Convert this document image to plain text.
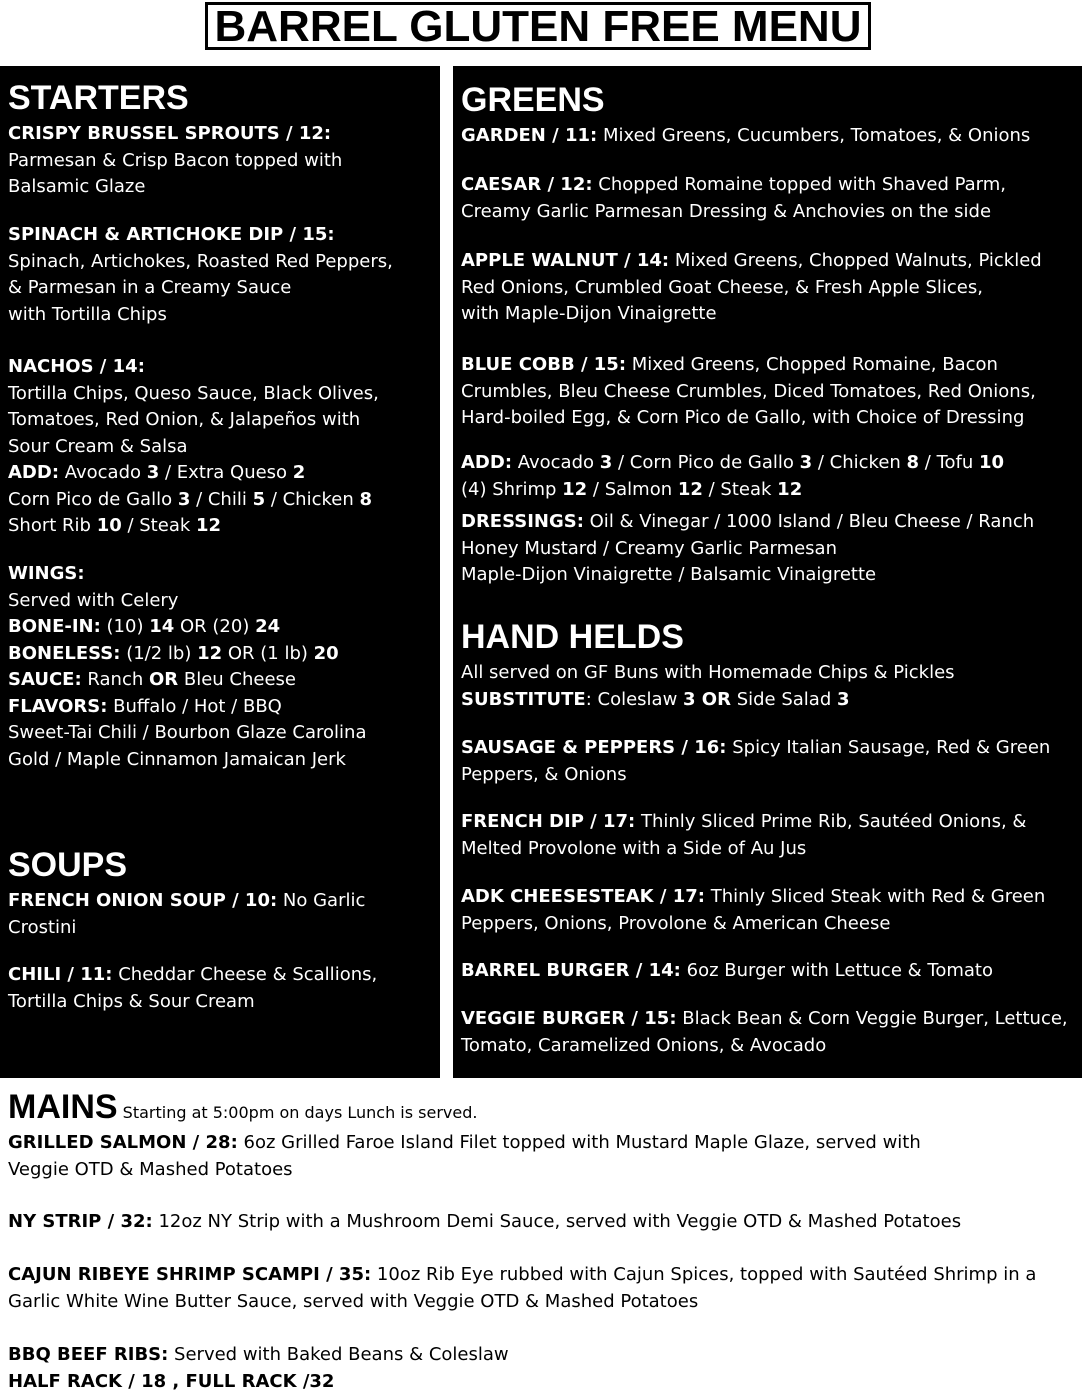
BARREL GLUTEN FREE MENU
STARTERS
CRISPY BRUSSEL SPROUTS / 12:
Parmesan & Crisp Bacon topped with
Balsamic Glaze
SPINACH & ARTICHOKE DIP / 15:
Spinach, Artichokes, Roasted Red Peppers,
& Parmesan in a Creamy Sauce
with Tortilla Chips
NACHOS / 14:
Tortilla Chips, Queso Sauce, Black Olives,
Tomatoes, Red Onion, & Jalapeños with
Sour Cream & Salsa
ADD: Avocado 3 / Extra Queso 2
Corn Pico de Gallo 3 / Chili 5 / Chicken 8
Short Rib 10 / Steak 12
WINGS:
Served with Celery
BONE-IN: (10) 14 OR (20) 24
BONELESS: (1/2 lb) 12 OR (1 lb) 20
SAUCE: Ranch OR Bleu Cheese
FLAVORS: Buffalo / Hot / BBQ
Sweet-Tai Chili / Bourbon Glaze Carolina
Gold / Maple Cinnamon Jamaican Jerk
SOUPS
FRENCH ONION SOUP / 10: No Garlic
Crostini
CHILI / 11: Cheddar Cheese & Scallions,
Tortilla Chips & Sour Cream
GREENS
GARDEN / 11: Mixed Greens, Cucumbers, Tomatoes, & Onions
CAESAR / 12: Chopped Romaine topped with Shaved Parm,
Creamy Garlic Parmesan Dressing & Anchovies on the side
APPLE WALNUT / 14: Mixed Greens, Chopped Walnuts, Pickled
Red Onions, Crumbled Goat Cheese, & Fresh Apple Slices,
with Maple-Dijon Vinaigrette
BLUE COBB / 15: Mixed Greens, Chopped Romaine, Bacon
Crumbles, Bleu Cheese Crumbles, Diced Tomatoes, Red Onions,
Hard-boiled Egg, & Corn Pico de Gallo, with Choice of Dressing
ADD: Avocado 3 / Corn Pico de Gallo 3 / Chicken 8 / Tofu 10
(4) Shrimp 12 / Salmon 12 / Steak 12
DRESSINGS: Oil & Vinegar / 1000 Island / Bleu Cheese / Ranch
Honey Mustard / Creamy Garlic Parmesan
Maple-Dijon Vinaigrette / Balsamic Vinaigrette
HAND HELDS
All served on GF Buns with Homemade Chips & Pickles
SUBSTITUTE: Coleslaw 3 OR Side Salad 3
SAUSAGE & PEPPERS / 16: Spicy Italian Sausage, Red & Green
Peppers, & Onions
FRENCH DIP / 17: Thinly Sliced Prime Rib, Sautéed Onions, &
Melted Provolone with a Side of Au Jus
ADK CHEESESTEAK / 17: Thinly Sliced Steak with Red & Green
Peppers, Onions, Provolone & American Cheese
BARREL BURGER / 14: 6oz Burger with Lettuce & Tomato
VEGGIE BURGER / 15: Black Bean & Corn Veggie Burger, Lettuce,
Tomato, Caramelized Onions, & Avocado
MAINS Starting at 5:00pm on days Lunch is served.
GRILLED SALMON / 28: 6oz Grilled Faroe Island Filet topped with Mustard Maple Glaze, served with
Veggie OTD & Mashed Potatoes
NY STRIP / 32: 12oz NY Strip with a Mushroom Demi Sauce, served with Veggie OTD & Mashed Potatoes
CAJUN RIBEYE SHRIMP SCAMPI / 35: 10oz Rib Eye rubbed with Cajun Spices, topped with Sautéed Shrimp in a
Garlic White Wine Butter Sauce, served with Veggie OTD & Mashed Potatoes
BBQ BEEF RIBS: Served with Baked Beans & Coleslaw
HALF RACK / 18 , FULL RACK /32
